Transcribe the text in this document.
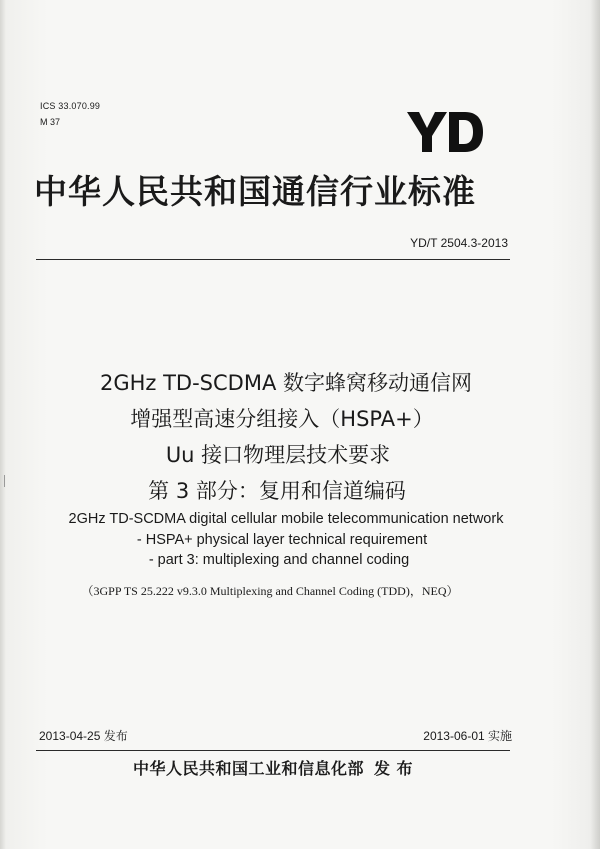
ICS 33.070.99
M 37
中华人民共和国通信行业标准
YD/T 2504.3-2013
2GHz TD-SCDMA 数字蜂窝移动通信网
增强型高速分组接入（HSPA+）
Uu 接口物理层技术要求
第 3 部分：复用和信道编码
2GHz TD-SCDMA digital cellular mobile telecommunication network
- HSPA+ physical layer technical requirement
- part 3: multiplexing and channel coding
（3GPP TS 25.222 v9.3.0 Multiplexing and Channel Coding (TDD)，NEQ）
2013-04-25 发布	2013-06-01 实施
中华人民共和国工业和信息化部 发 布
